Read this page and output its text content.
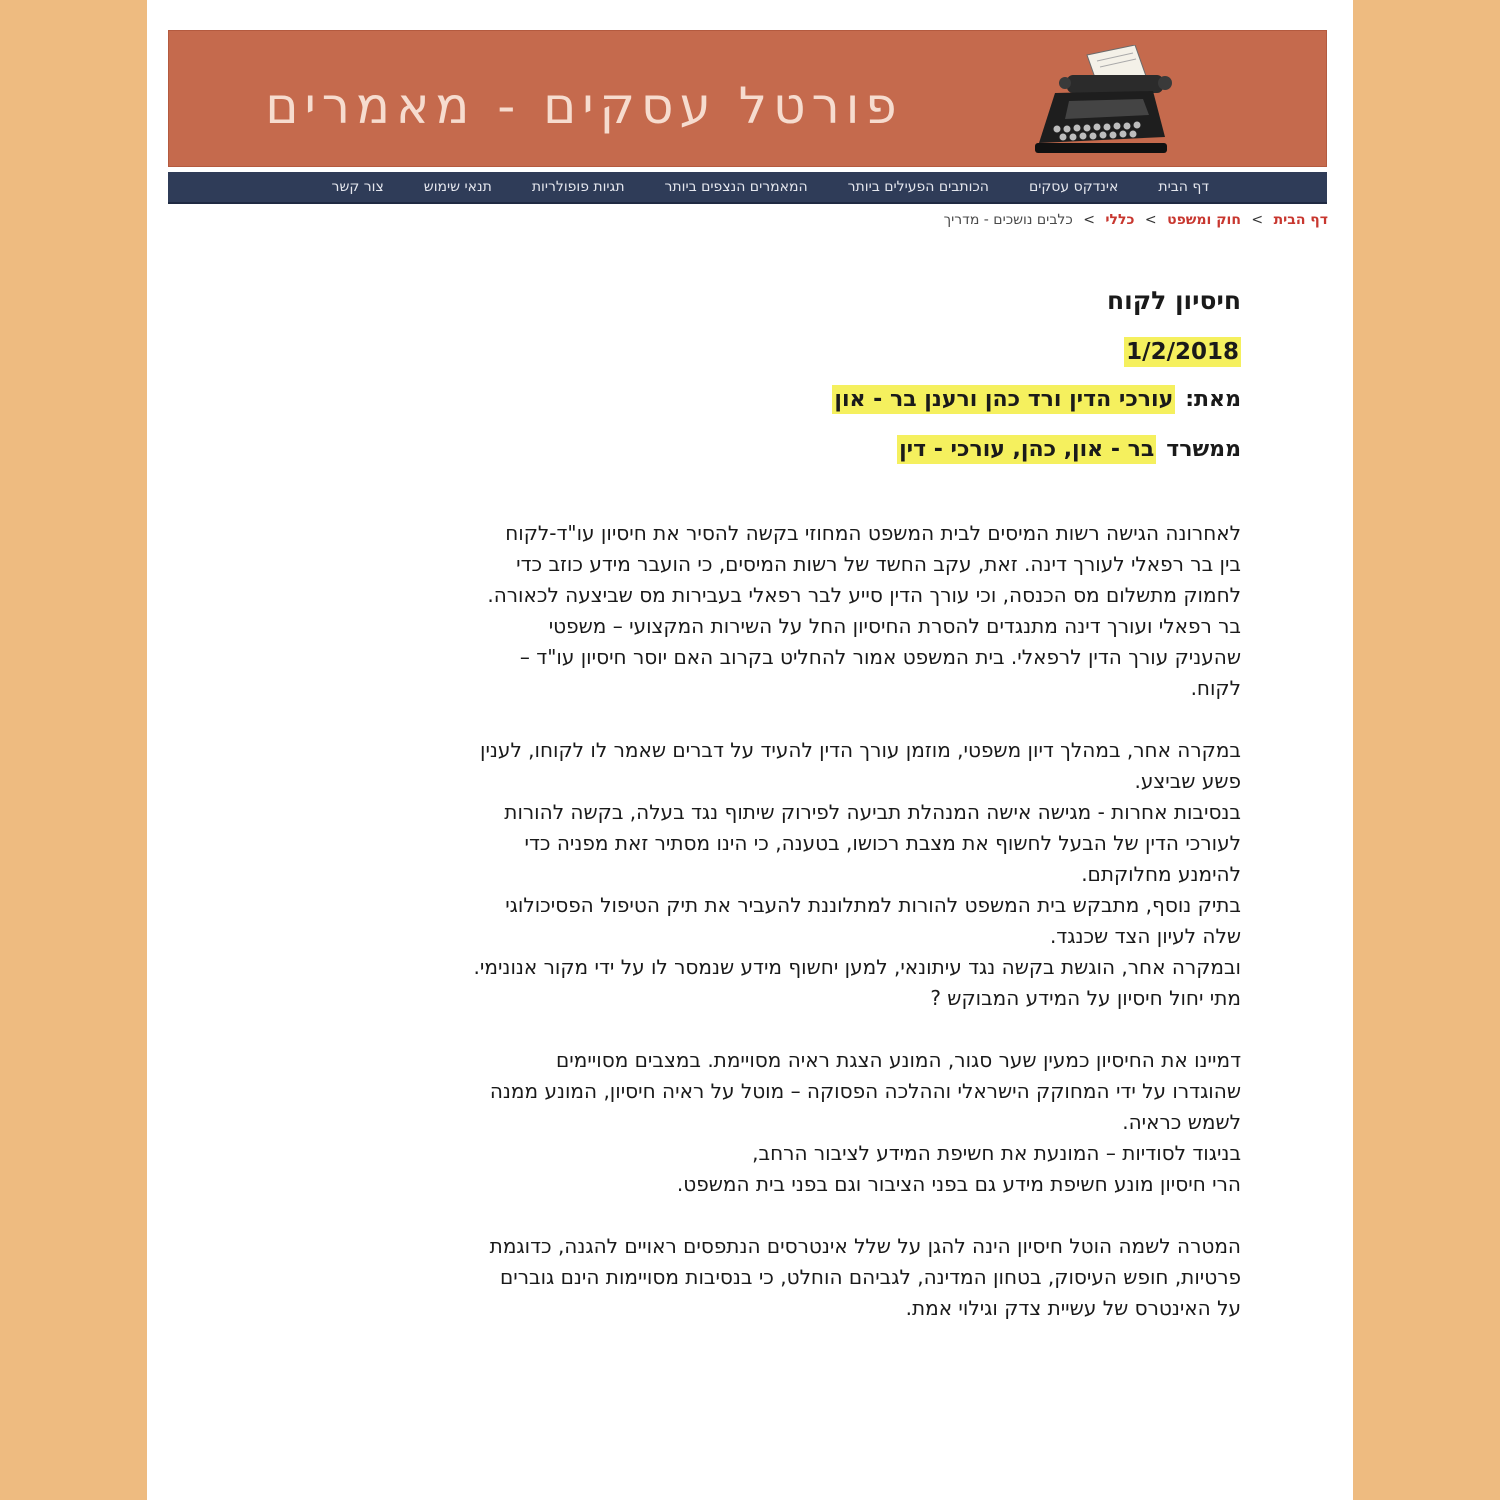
פורטל עסקים - מאמרים
דף הבית
אינדקס עסקים
הכותבים הפעילים ביותר
המאמרים הנצפים ביותר
תגיות פופולריות
תנאי שימוש
צור קשר
דף הבית > חוק ומשפט > כללי > כלבים נושכים - מדריך
חיסיון לקוח
1/2/2018
מאת:עורכי הדין ורד כהן ורענן בר - און
ממשרדבר - און, כהן, עורכי - דין

לאחרונה הגישה רשות המיסים לבית המשפט המחוזי בקשה להסיר את חיסיון עו"ד-לקוח
בין בר רפאלי לעורך דינה. זאת, עקב החשד של רשות המיסים, כי הועבר מידע כוזב כדי
לחמוק מתשלום מס הכנסה, וכי עורך הדין סייע לבר רפאלי בעבירות מס שביצעה לכאורה.
בר רפאלי ועורך דינה מתנגדים להסרת החיסיון החל על השירות המקצועי – משפטי
שהעניק עורך הדין לרפאלי. בית המשפט אמור להחליט בקרוב האם יוסר חיסיון עו"ד –
לקוח.

במקרה אחר, במהלך דיון משפטי, מוזמן עורך הדין להעיד על דברים שאמר לו לקוחו, לענין
פשע שביצע.
בנסיבות אחרות - מגישה אישה המנהלת תביעה לפירוק שיתוף נגד בעלה, בקשה להורות
לעורכי הדין של הבעל לחשוף את מצבת רכושו, בטענה, כי הינו מסתיר זאת מפניה כדי
להימנע מחלוקתם.
בתיק נוסף, מתבקש בית המשפט להורות למתלוננת להעביר את תיק הטיפול הפסיכולוגי
שלה לעיון הצד שכנגד.
ובמקרה אחר, הוגשת בקשה נגד עיתונאי, למען יחשוף מידע שנמסר לו על ידי מקור אנונימי.
מתי יחול חיסיון על המידע המבוקש ?

דמיינו את החיסיון כמעין שער סגור, המונע הצגת ראיה מסויימת. במצבים מסויימים
שהוגדרו על ידי המחוקק הישראלי וההלכה הפסוקה – מוטל על ראיה חיסיון, המונע ממנה
לשמש כראיה.
בניגוד לסודיות – המונעת את חשיפת המידע לציבור הרחב,
הרי חיסיון מונע חשיפת מידע גם בפני הציבור וגם בפני בית המשפט.

המטרה לשמה הוטל חיסיון הינה להגן על שלל אינטרסים הנתפסים ראויים להגנה, כדוגמת
פרטיות, חופש העיסוק, בטחון המדינה, לגביהם הוחלט, כי בנסיבות מסויימות הינם גוברים
על האינטרס של עשיית צדק וגילוי אמת.
